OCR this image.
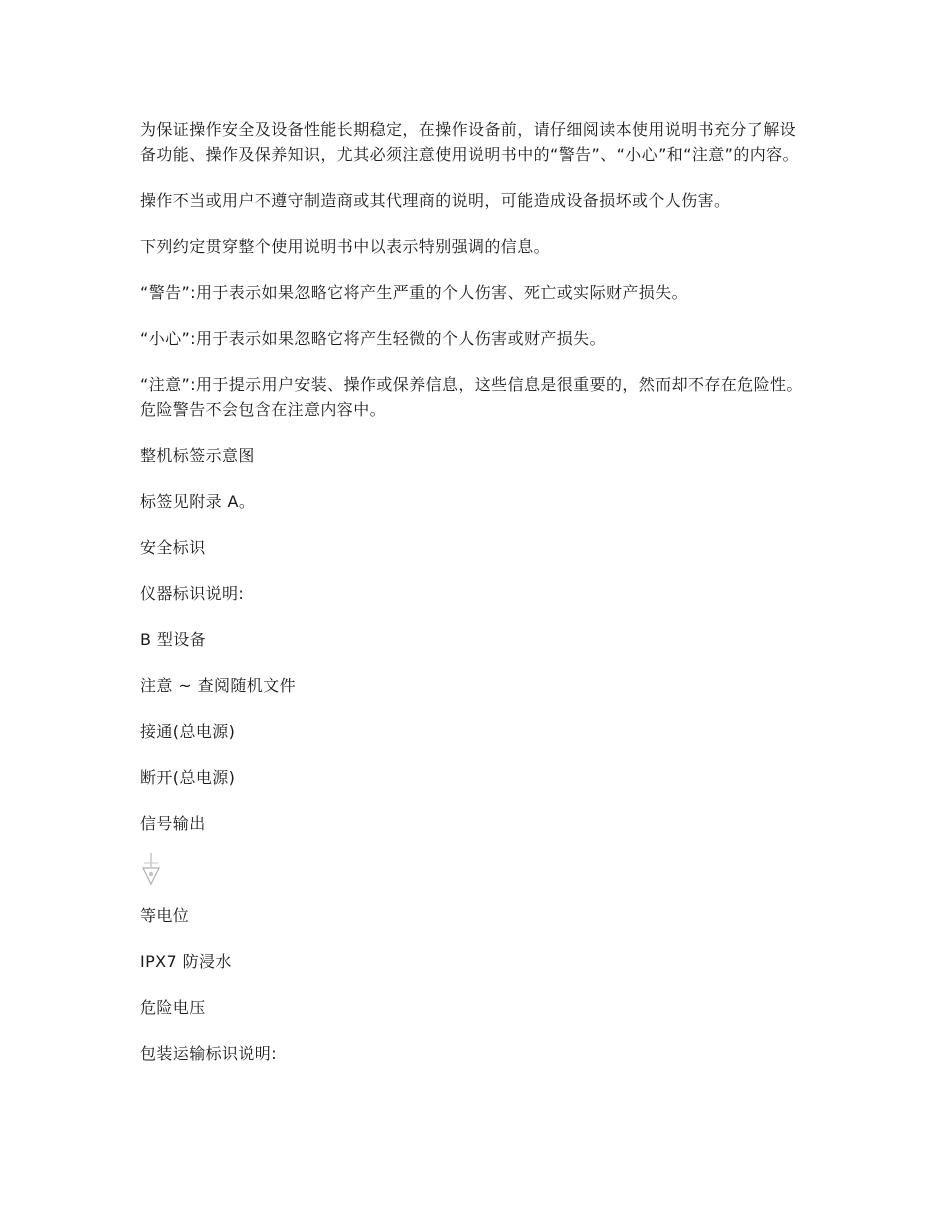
为保证操作安全及设备性能长期稳定，在操作设备前，请仔细阅读本使用说明书充分了解设备功能、操作及保养知识，尤其必须注意使用说明书中的“警告”、“小心”和“注意”的内容。

操作不当或用户不遵守制造商或其代理商的说明，可能造成设备损坏或个人伤害。

下列约定贯穿整个使用说明书中以表示特别强调的信息。

“警告”:用于表示如果忽略它将产生严重的个人伤害、死亡或实际财产损失。

“小心”:用于表示如果忽略它将产生轻微的个人伤害或财产损失。

“注意”:用于提示用户安装、操作或保养信息，这些信息是很重要的，然而却不存在危险性。危险警告不会包含在注意内容中。

整机标签示意图

标签见附录 A。

安全标识

仪器标识说明:

B 型设备

注意 ~ 查阅随机文件

接通(总电源)

断开(总电源)

信号输出

等电位

IPX7 防浸水

危险电压

包装运输标识说明:
